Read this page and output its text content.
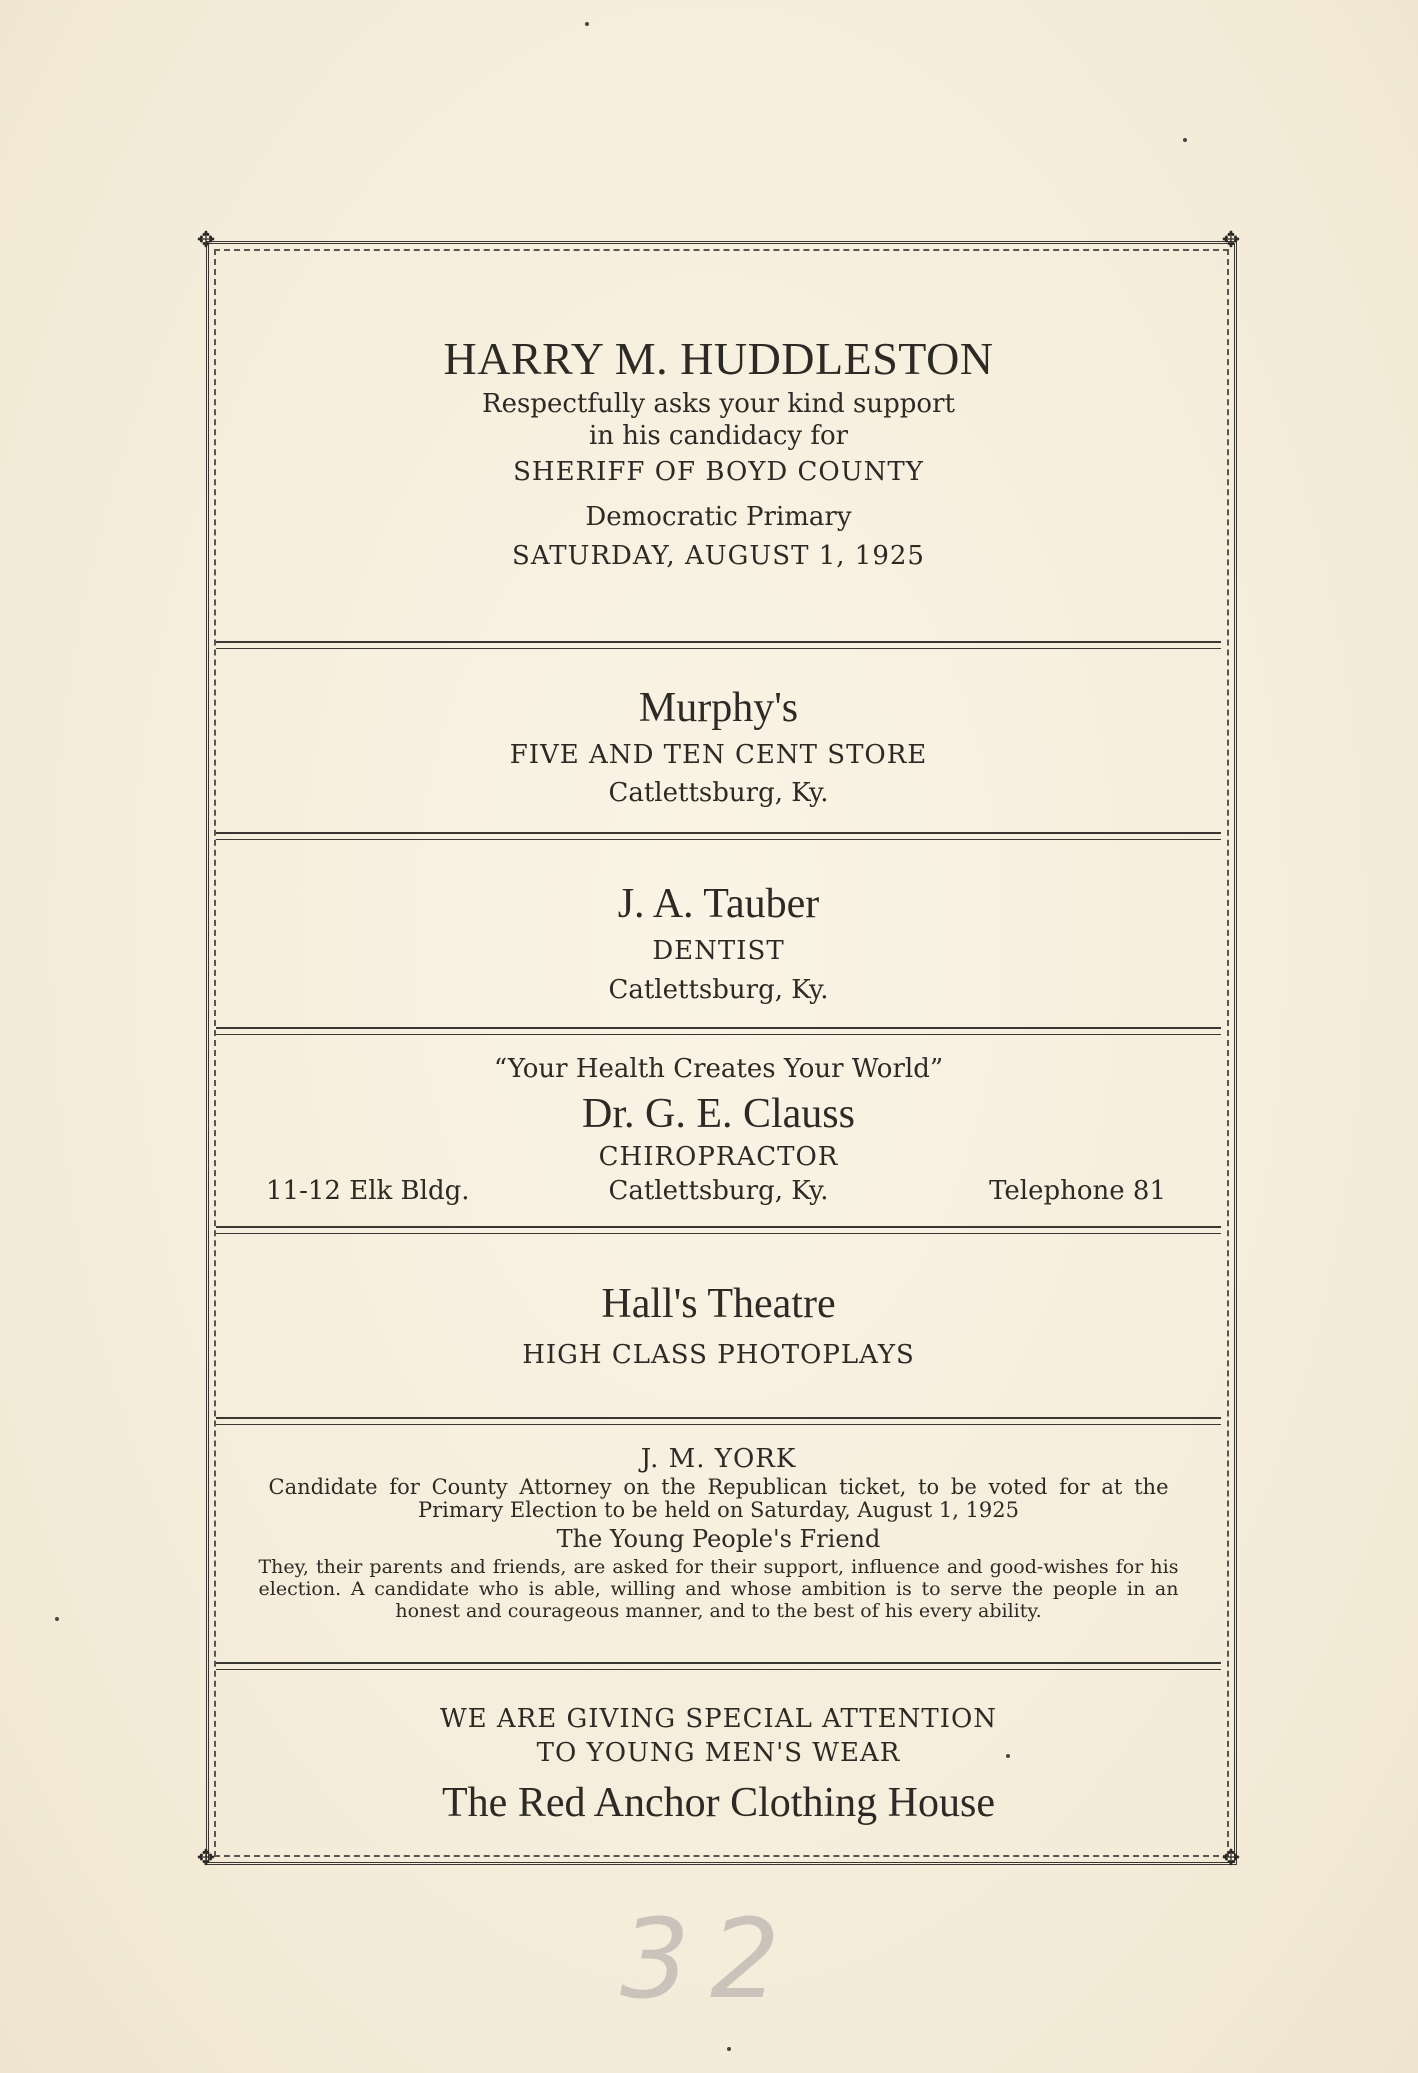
✥	✥
✥	✥
HARRY M. HUDDLESTON
Respectfully asks your kind support
in his candidacy for
SHERIFF OF BOYD COUNTY
Democratic Primary
SATURDAY, AUGUST 1, 1925
Murphy's
FIVE AND TEN CENT STORE
Catlettsburg, Ky.
J. A. Tauber
DENTIST
Catlettsburg, Ky.
“Your Health Creates Your World”
Dr. G. E. Clauss
CHIROPRACTOR
11-12 Elk Bldg.	Catlettsburg, Ky.	Telephone 81
Hall's Theatre
HIGH CLASS PHOTOPLAYS
J. M. YORK
Candidate for County Attorney on the Republican ticket, to be voted for at the Primary Election to be held on Saturday, August 1, 1925
The Young People's Friend
They, their parents and friends, are asked for their support, influence and good-wishes for his election. A candidate who is able, willing and whose ambition is to serve the people in an honest and courageous manner, and to the best of his every ability.
WE ARE GIVING SPECIAL ATTENTION
TO YOUNG MEN'S WEAR
The Red Anchor Clothing House
32
